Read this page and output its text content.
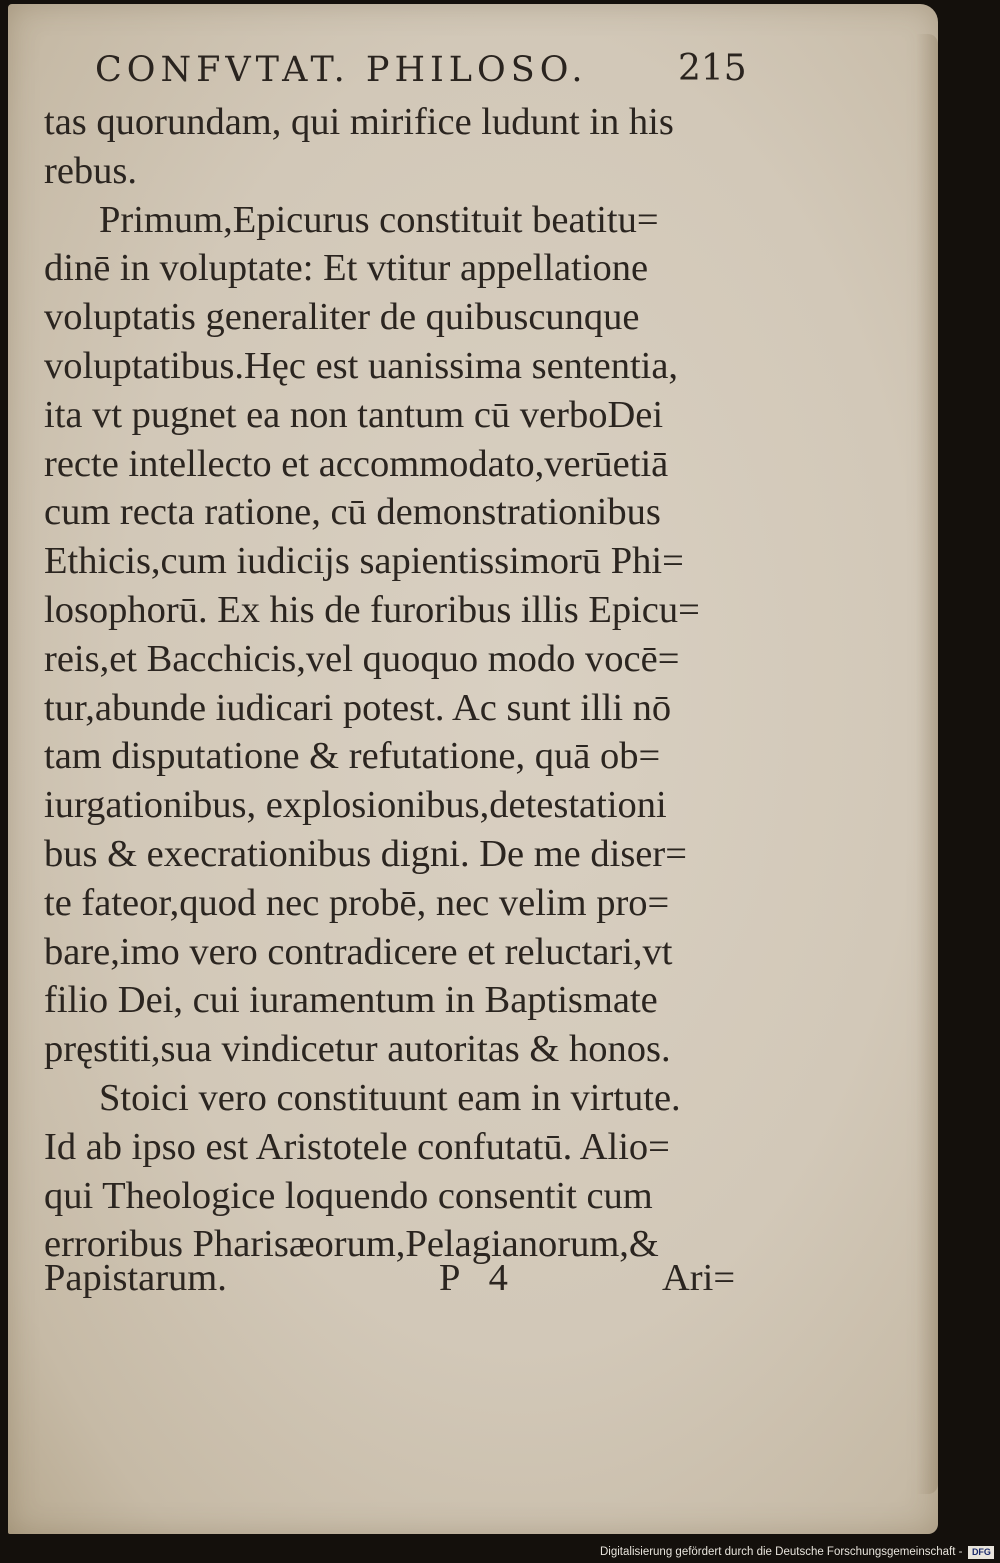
CONFVTAT. PHILOSO.	215
tas quorundam, qui mirifice ludunt in his
rebus.
Primum,Epicurus constituit beatitu=
dinē in voluptate: Et vtitur appellatione
voluptatis generaliter de quibuscunque
voluptatibus.Hęc est uanissima sententia,
ita vt pugnet ea non tantum cū verboDei
recte intellecto et accommodato,verūetiā
cum recta ratione, cū demonstrationibus
Ethicis,cum iudicijs sapientissimorū Phi=
losophorū. Ex his de furoribus illis Epicu=
reis,et Bacchicis,vel quoquo modo vocē=
tur,abunde iudicari potest. Ac sunt illi nō
tam disputatione & refutatione, quā ob=
iurgationibus, explosionibus,detestationi
bus & execrationibus digni. De me diser=
te fateor,quod nec probē, nec velim pro=
bare,imo vero contradicere et reluctari,vt
filio Dei, cui iuramentum in Baptismate
pręstiti,sua vindicetur autoritas & honos.
Stoici vero constituunt eam in virtute.
Id ab ipso est Aristotele confutatū. Alio=
qui Theologice loquendo consentit cum
erroribus Pharisæorum,Pelagianorum,&
Papistarum.	P 4	Ari=
Digitalisierung gefördert durch die Deutsche Forschungsgemeinschaft -	DFG
